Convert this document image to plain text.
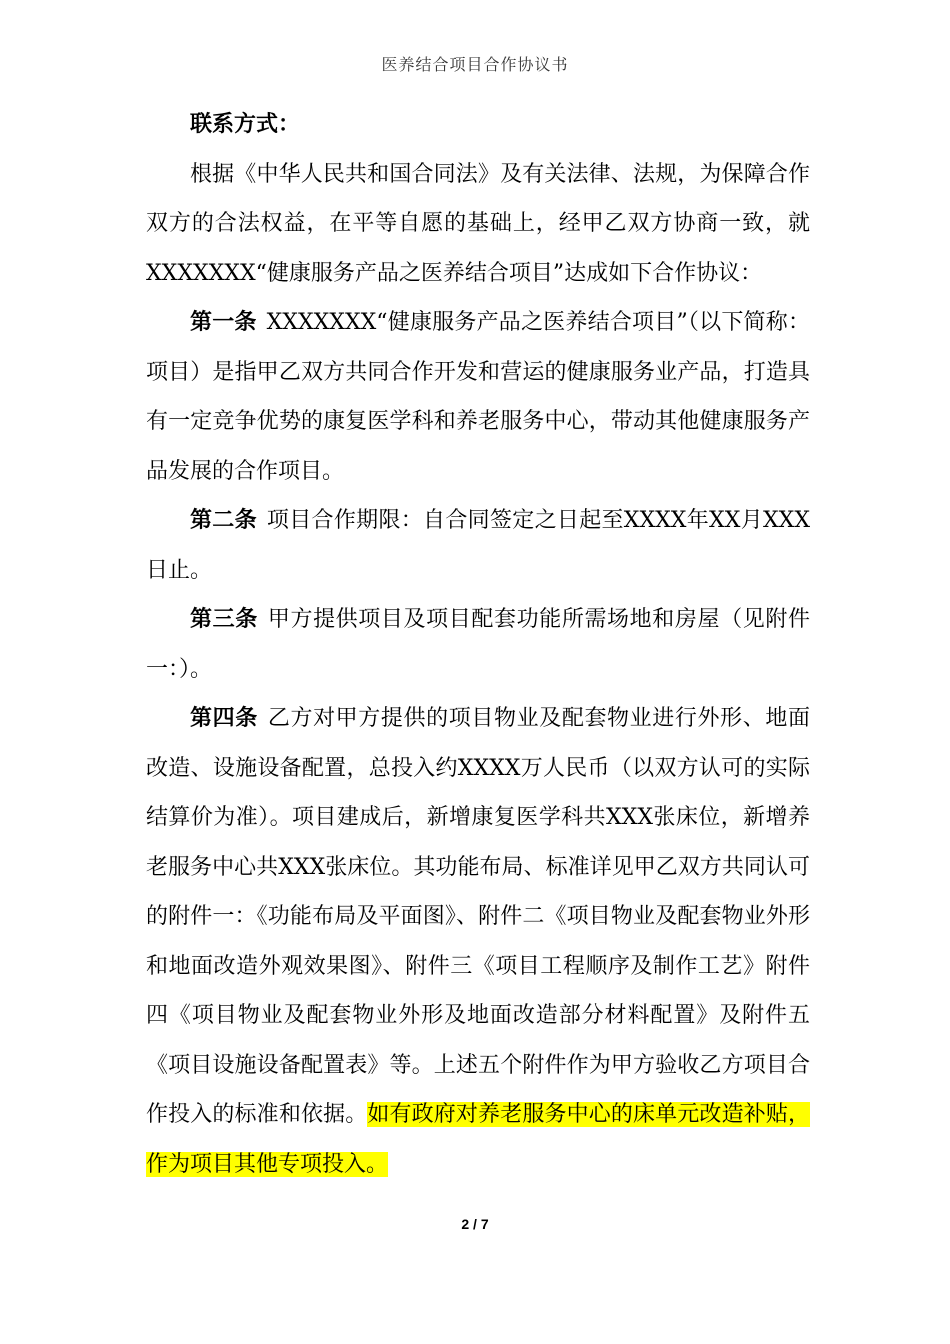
医养结合项目合作协议书

联系方式：

根据《中华人民共和国合同法》及有关法律、法规，为保障合作双方的合法权益，在平等自愿的基础上，经甲乙双方协商一致，就XXXXXXX“健康服务产品之医养结合项目”达成如下合作协议：

第一条 XXXXXXX“健康服务产品之医养结合项目”（以下简称：项目）是指甲乙双方共同合作开发和营运的健康服务业产品，打造具有一定竞争优势的康复医学科和养老服务中心，带动其他健康服务产品发展的合作项目。

第二条 项目合作期限：自合同签定之日起至XXXX年XX月XXX日止。

第三条 甲方提供项目及项目配套功能所需场地和房屋（见附件一：）。

第四条 乙方对甲方提供的项目物业及配套物业进行外形、地面改造、设施设备配置，总投入约XXXX万人民币（以双方认可的实际结算价为准）。项目建成后，新增康复医学科共XXX张床位，新增养老服务中心共XXX张床位。其功能布局、标准详见甲乙双方共同认可的附件一：《功能布局及平面图》、附件二《项目物业及配套物业外形和地面改造外观效果图》、附件三《项目工程顺序及制作工艺》附件四《项目物业及配套物业外形及地面改造部分材料配置》及附件五《项目设施设备配置表》等。上述五个附件作为甲方验收乙方项目合作投入的标准和依据。如有政府对养老服务中心的床单元改造补贴，作为项目其他专项投入。

2 / 7
